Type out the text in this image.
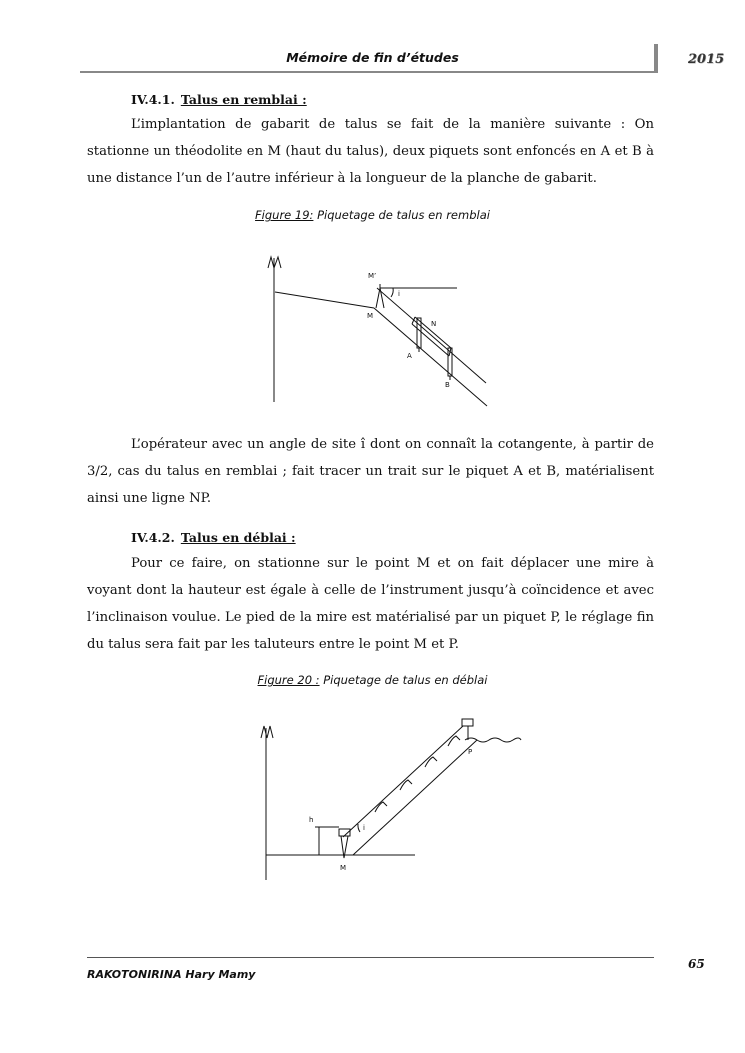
Mémoire de fin d’études	2015
IV.4.1. Talus en remblai :
L’implantation de gabarit de talus se fait de la manière suivante : On stationne un théodolite en M (haut du talus), deux piquets sont enfoncés en A et B à une distance l’un de l’autre inférieur à la longueur de la planche de gabarit.
Figure 19: Piquetage de talus en remblai
M’
M
i
N
A
B
L’opérateur avec un angle de site î dont on connaît la cotangente, à partir de 3/2, cas du talus en remblai ; fait tracer un trait sur le piquet A et B, matérialisent ainsi une ligne NP.
IV.4.2. Talus en déblai :
Pour ce faire, on stationne sur le point M et on fait déplacer une mire à voyant dont la hauteur est égale à celle de l’instrument jusqu’à coïncidence et avec l’inclinaison voulue. Le pied de la mire est matérialisé par un piquet P, le réglage fin du talus sera fait par les taluteurs entre le point M et P.
Figure 20 : Piquetage de talus en déblai
h
i
M
P
RAKOTONIRINA Hary Mamy
65
